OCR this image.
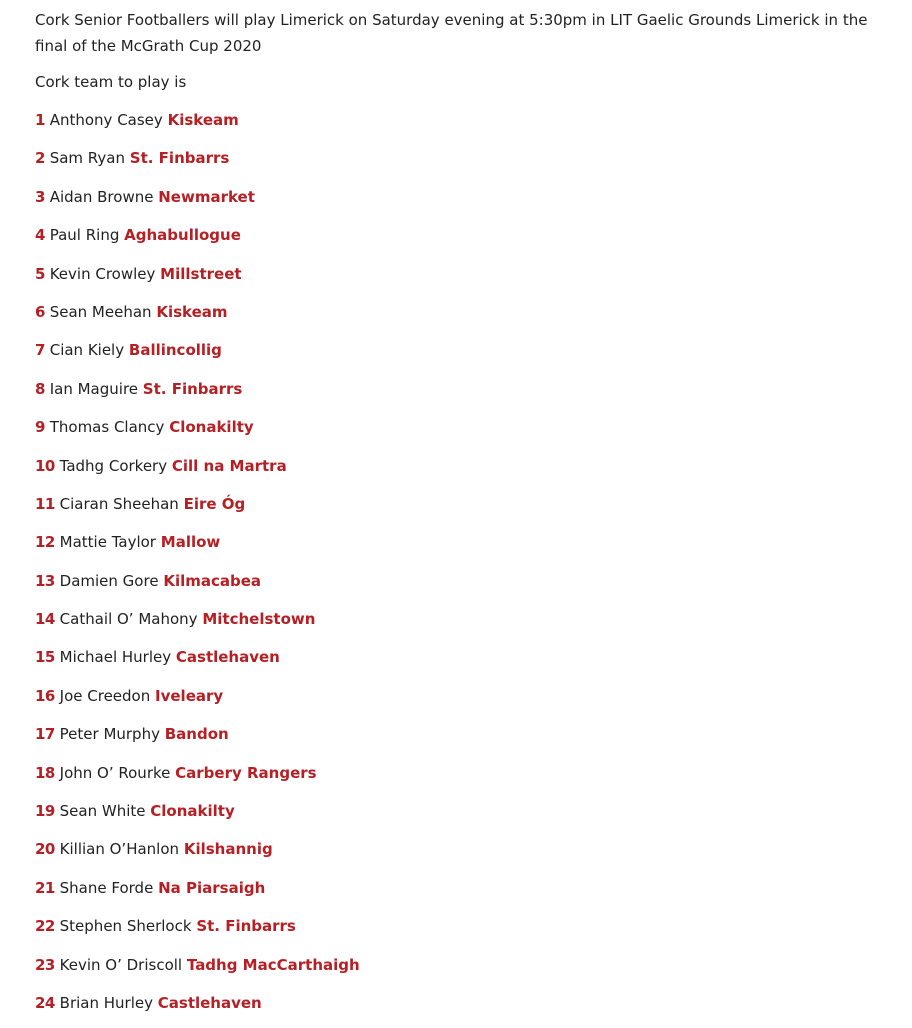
Cork Senior Footballers will play Limerick on Saturday evening at 5:30pm in LIT Gaelic Grounds Limerick in the final of the McGrath Cup 2020

Cork team to play is

1 Anthony Casey Kiskeam
2 Sam Ryan St. Finbarrs
3 Aidan Browne Newmarket
4 Paul Ring Aghabullogue
5 Kevin Crowley Millstreet
6 Sean Meehan Kiskeam
7 Cian Kiely Ballincollig
8 Ian Maguire St. Finbarrs
9 Thomas Clancy Clonakilty
10 Tadhg Corkery Cill na Martra
11 Ciaran Sheehan Eire Óg
12 Mattie Taylor Mallow
13 Damien Gore Kilmacabea
14 Cathail O’ Mahony Mitchelstown
15 Michael Hurley Castlehaven
16 Joe Creedon Iveleary
17 Peter Murphy Bandon
18 John O’ Rourke Carbery Rangers
19 Sean White Clonakilty
20 Killian O’Hanlon Kilshannig
21 Shane Forde Na Piarsaigh
22 Stephen Sherlock St. Finbarrs
23 Kevin O’ Driscoll Tadhg MacCarthaigh
24 Brian Hurley Castlehaven
